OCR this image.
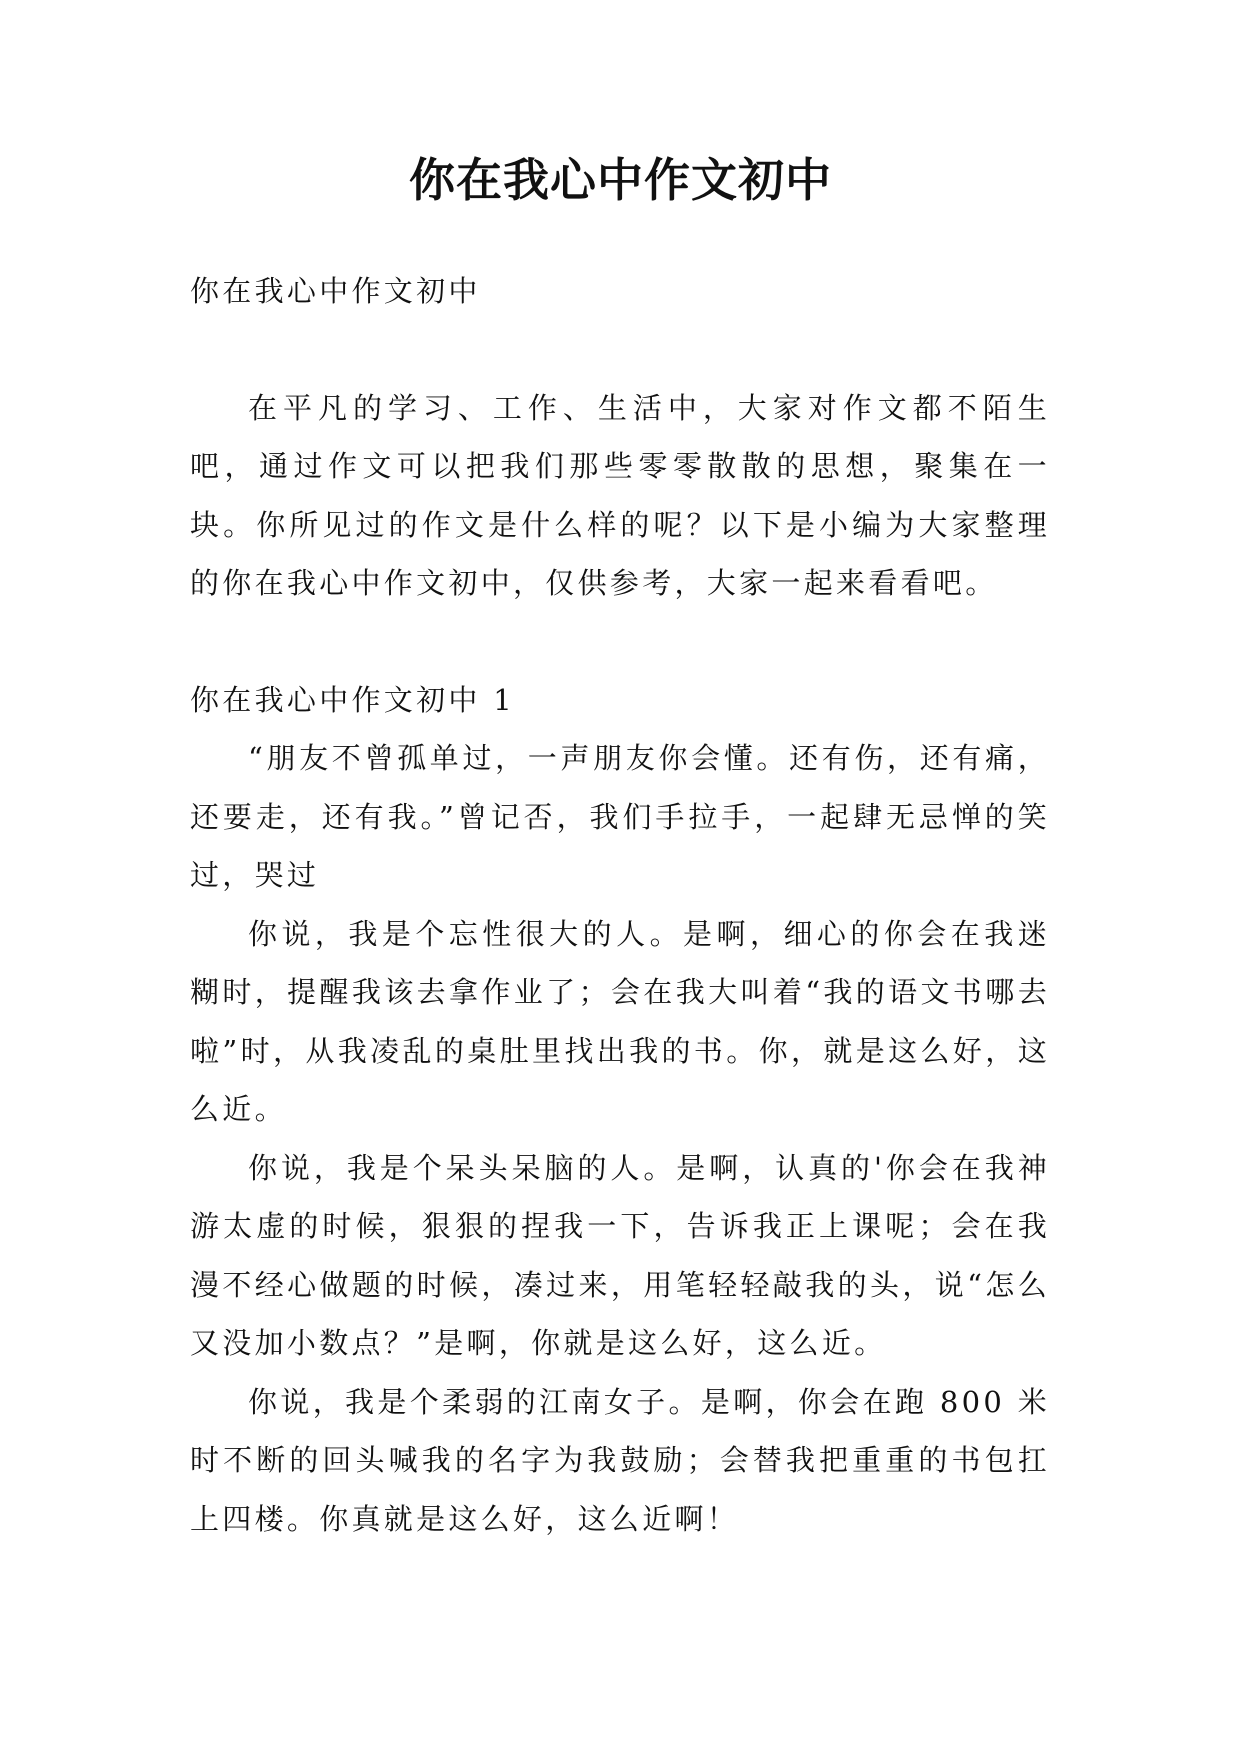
你在我心中作文初中

你在我心中作文初中

在平凡的学习、工作、生活中，大家对作文都不陌生吧，通过作文可以把我们那些零零散散的思想，聚集在一块。你所见过的作文是什么样的呢？以下是小编为大家整理的你在我心中作文初中，仅供参考，大家一起来看看吧。

你在我心中作文初中 1

“朋友不曾孤单过，一声朋友你会懂。还有伤，还有痛，还要走，还有我。”曾记否，我们手拉手，一起肆无忌惮的笑过，哭过

你说，我是个忘性很大的人。是啊，细心的你会在我迷糊时，提醒我该去拿作业了；会在我大叫着“我的语文书哪去啦”时，从我凌乱的桌肚里找出我的书。你，就是这么好，这么近。

你说，我是个呆头呆脑的人。是啊，认真的'你会在我神游太虚的时候，狠狠的捏我一下，告诉我正上课呢；会在我漫不经心做题的时候，凑过来，用笔轻轻敲我的头，说“怎么又没加小数点？”是啊，你就是这么好，这么近。

你说，我是个柔弱的江南女子。是啊，你会在跑 800 米时不断的回头喊我的名字为我鼓励；会替我把重重的书包扛上四楼。你真就是这么好，这么近啊！
